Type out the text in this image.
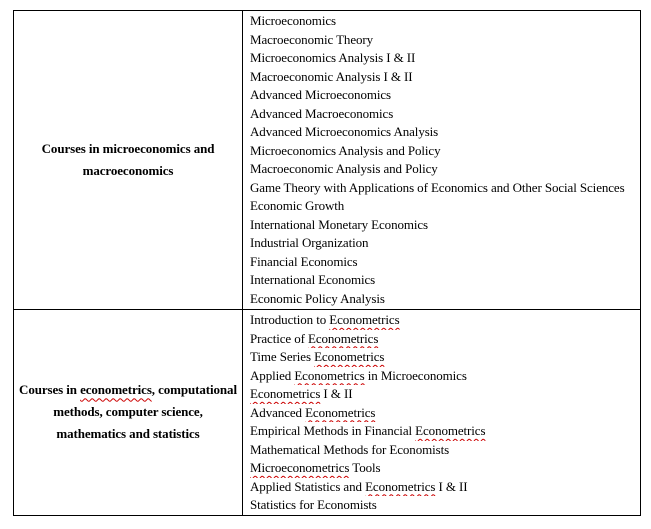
Courses in microeconomics and
macroeconomics

Microeconomics
Macroeconomic Theory
Microeconomics Analysis I & II
Macroeconomic Analysis I & II
Advanced Microeconomics
Advanced Macroeconomics
Advanced Microeconomics Analysis
Microeconomics Analysis and Policy
Macroeconomic Analysis and Policy
Game Theory with Applications of Economics and Other Social Sciences
Economic Growth
International Monetary Economics
Industrial Organization
Financial Economics
International Economics
Economic Policy Analysis

Courses in econometrics, computational
methods, computer science,
mathematics and statistics

Introduction to Econometrics
Practice of Econometrics
Time Series Econometrics
Applied Econometrics in Microeconomics
Econometrics I & II
Advanced Econometrics
Empirical Methods in Financial Econometrics
Mathematical Methods for Economists
Microeconometrics Tools
Applied Statistics and Econometrics I & II
Statistics for Economists
